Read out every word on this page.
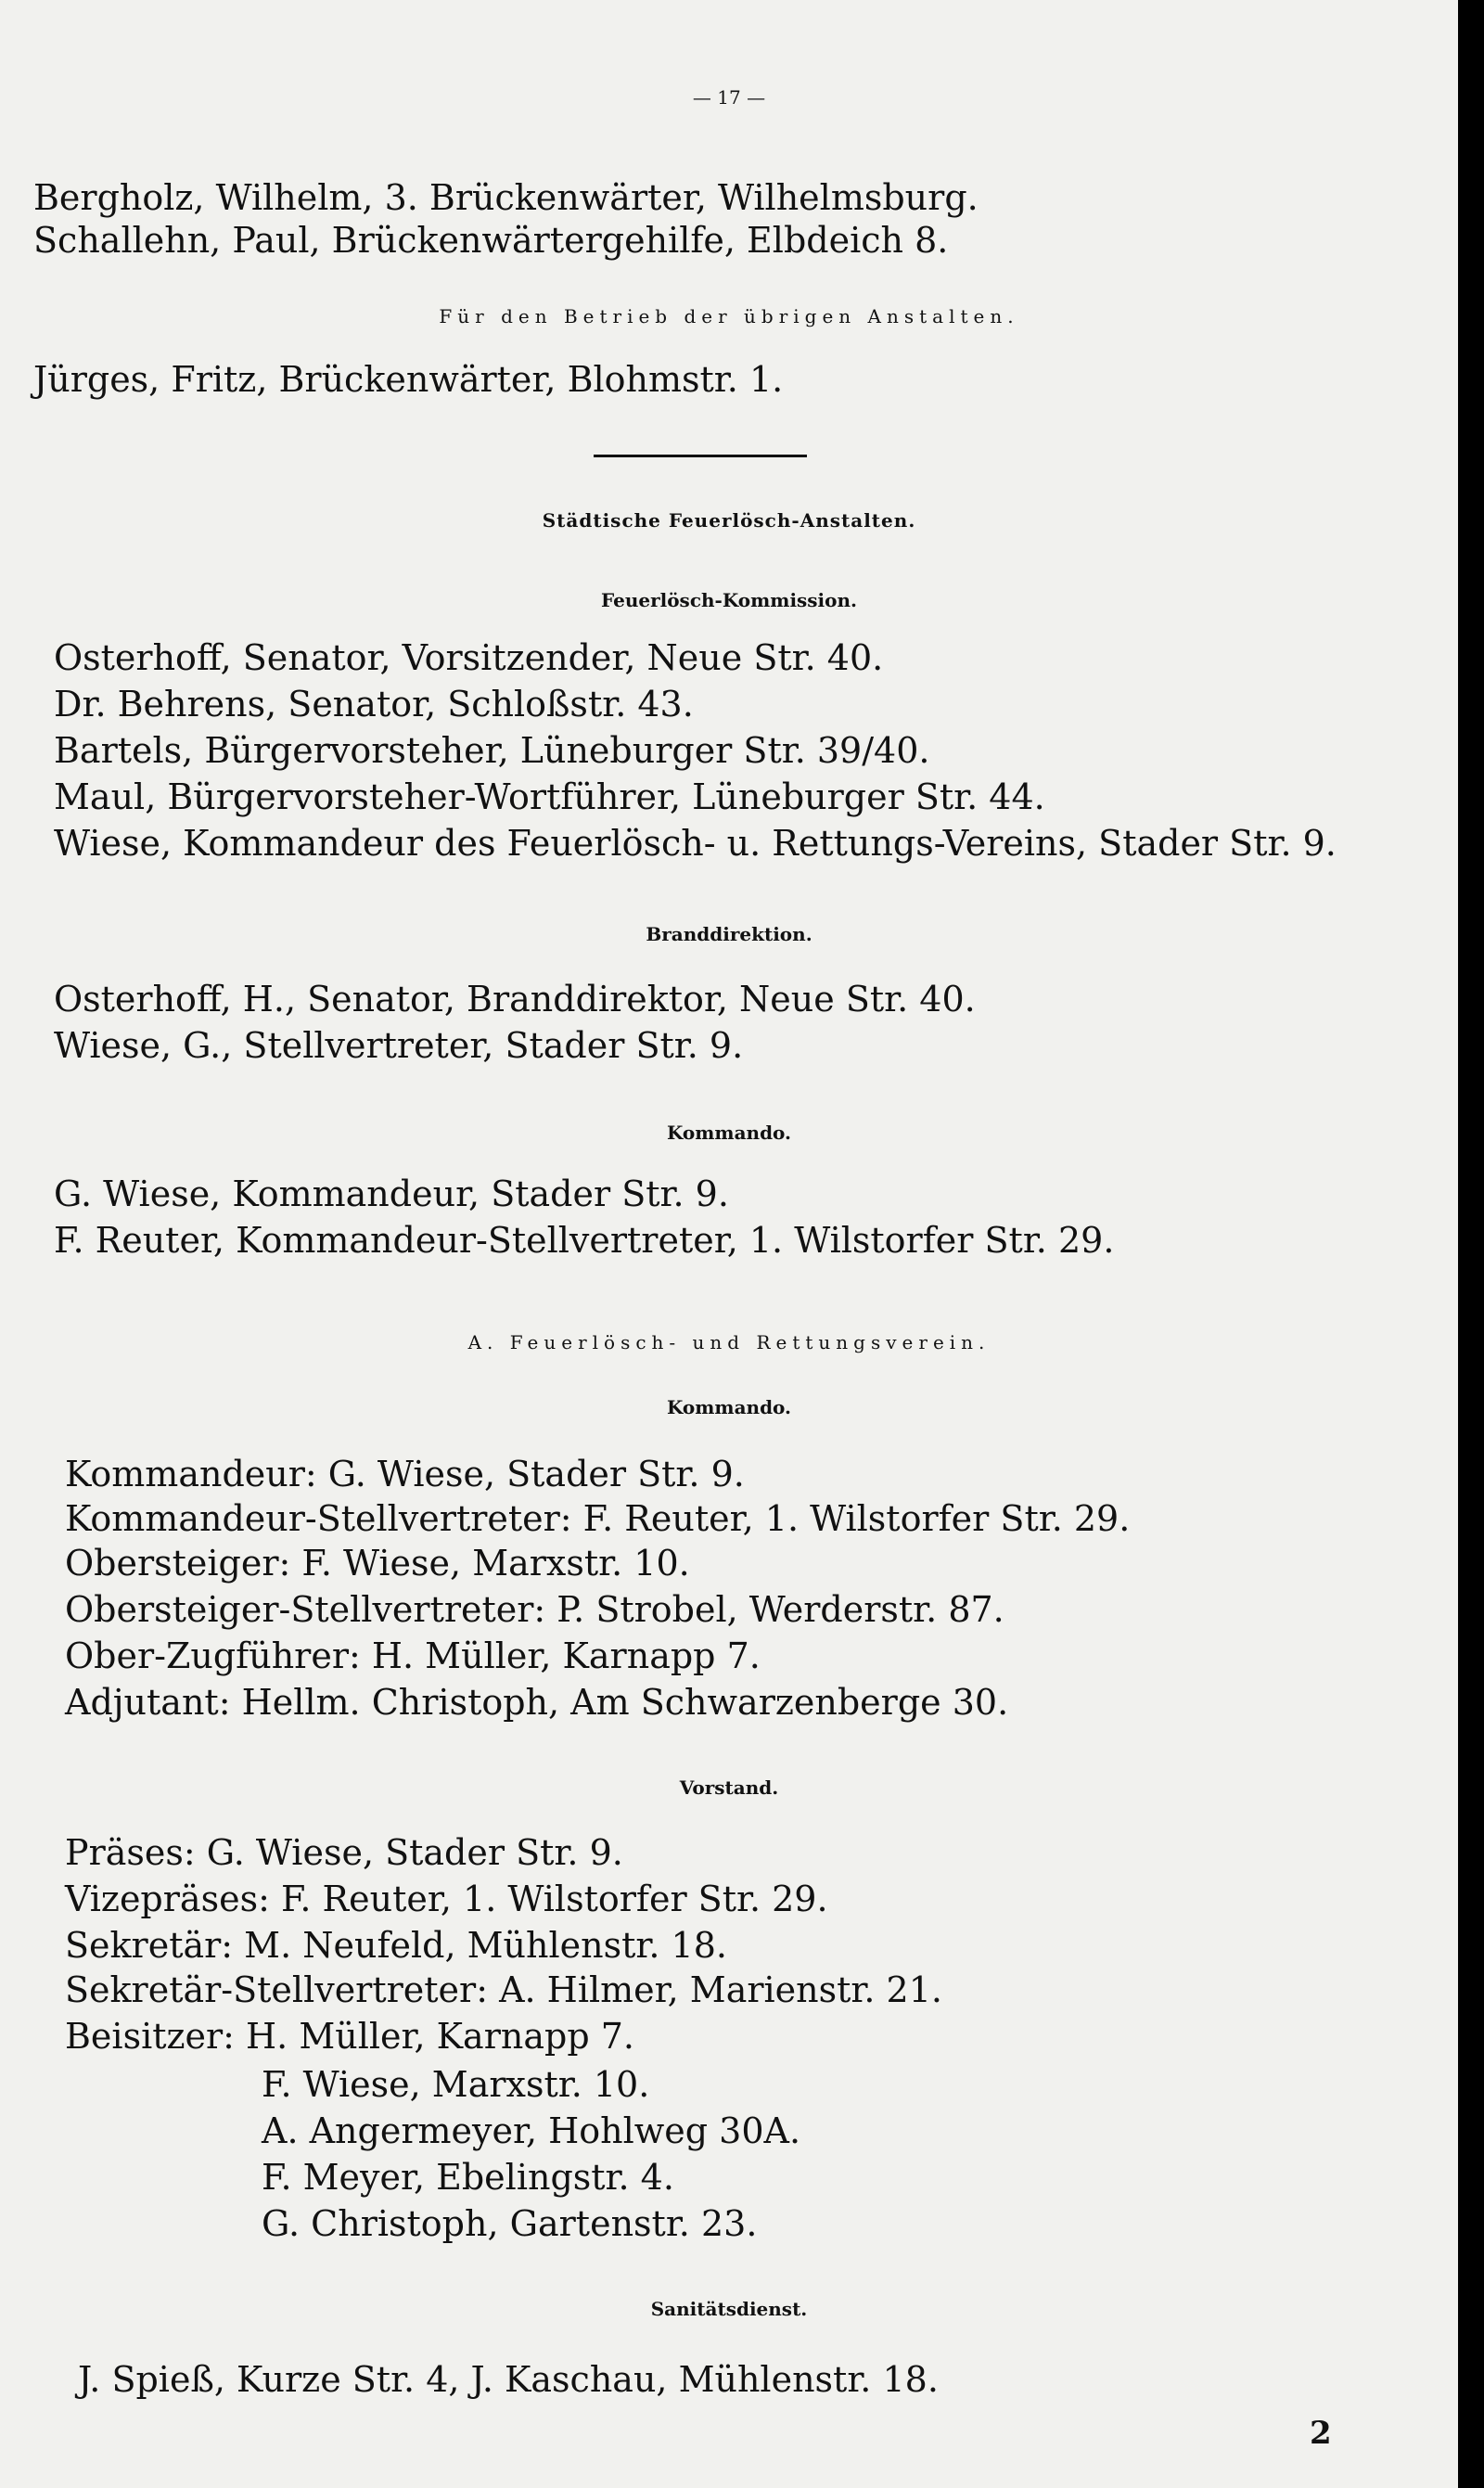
— 17 —
Bergholz, Wilhelm, 3. Brückenwärter, Wilhelmsburg.
Schallehn, Paul, Brückenwärtergehilfe, Elbdeich 8.
Für den Betrieb der übrigen Anstalten.
Jürges, Fritz, Brückenwärter, Blohmstr. 1.
Städtische Feuerlösch-Anstalten.
Feuerlösch-Kommission.
Osterhoff, Senator, Vorsitzender, Neue Str. 40.
Dr. Behrens, Senator, Schloßstr. 43.
Bartels, Bürgervorsteher, Lüneburger Str. 39/40.
Maul, Bürgervorsteher-Wortführer, Lüneburger Str. 44.
Wiese, Kommandeur des Feuerlösch- u. Rettungs-Vereins, Stader Str. 9.
Branddirektion.
Osterhoff, H., Senator, Branddirektor, Neue Str. 40.
Wiese, G., Stellvertreter, Stader Str. 9.
Kommando.
G. Wiese, Kommandeur, Stader Str. 9.
F. Reuter, Kommandeur-Stellvertreter, 1. Wilstorfer Str. 29.
A. Feuerlösch- und Rettungsverein.
Kommando.
Kommandeur: G. Wiese, Stader Str. 9.
Kommandeur-Stellvertreter: F. Reuter, 1. Wilstorfer Str. 29.
Obersteiger: F. Wiese, Marxstr. 10.
Obersteiger-Stellvertreter: P. Strobel, Werderstr. 87.
Ober-Zugführer: H. Müller, Karnapp 7.
Adjutant: Hellm. Christoph, Am Schwarzenberge 30.
Vorstand.
Präses: G. Wiese, Stader Str. 9.
Vizepräses: F. Reuter, 1. Wilstorfer Str. 29.
Sekretär: M. Neufeld, Mühlenstr. 18.
Sekretär-Stellvertreter: A. Hilmer, Marienstr. 21.
Beisitzer: H. Müller, Karnapp 7.
F. Wiese, Marxstr. 10.
A. Angermeyer, Hohlweg 30A.
F. Meyer, Ebelingstr. 4.
G. Christoph, Gartenstr. 23.
Sanitätsdienst.
J. Spieß, Kurze Str. 4, J. Kaschau, Mühlenstr. 18.
2
